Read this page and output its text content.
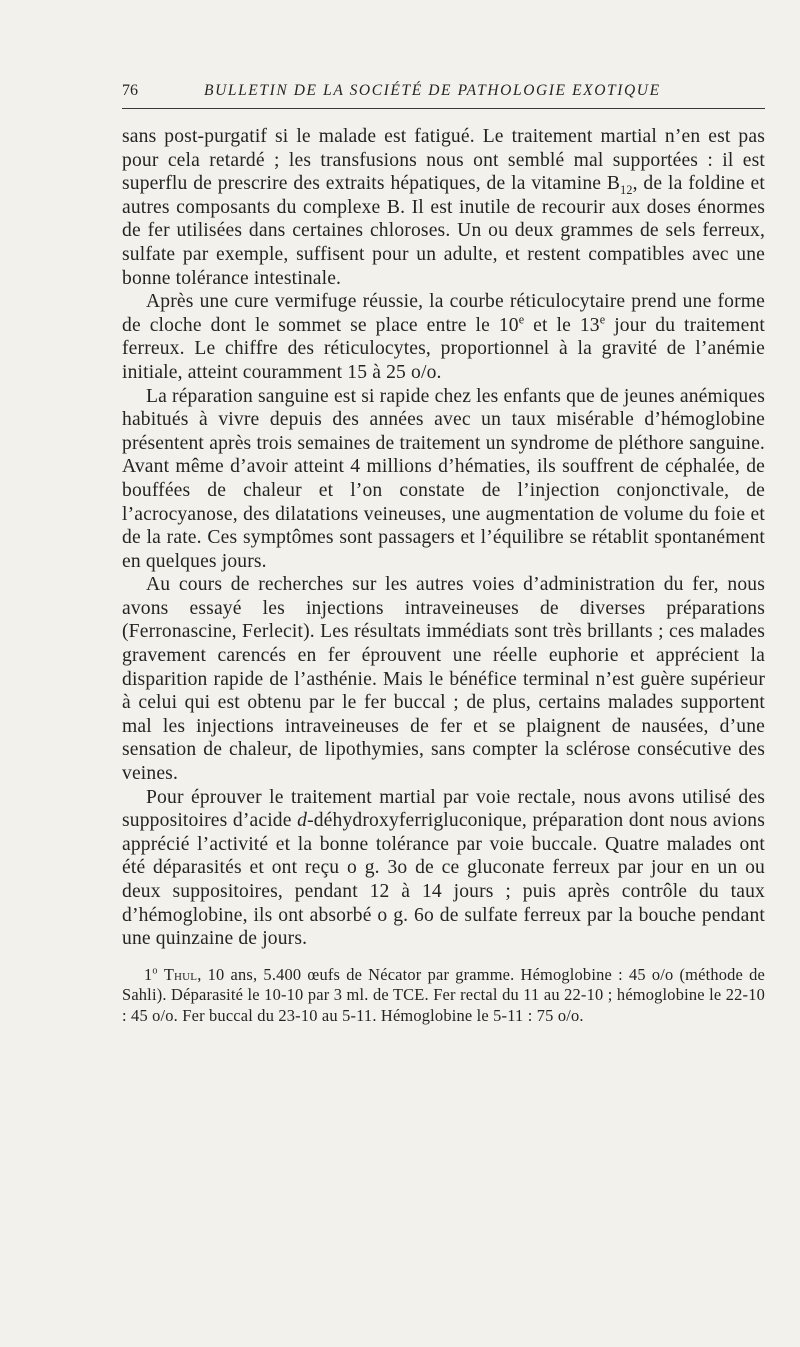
76	BULLETIN DE LA SOCIÉTÉ DE PATHOLOGIE EXOTIQUE

sans post-purgatif si le malade est fatigué. Le traitement martial n’en est pas pour cela retardé ; les transfusions nous ont semblé mal supportées : il est superflu de prescrire des extraits hépatiques, de la vitamine $B_{12}$, de la foldine et autres composants du complexe B. Il est inutile de recourir aux doses énormes de fer utilisées dans certaines chloroses. Un ou deux grammes de sels ferreux, sulfate par exemple, suffisent pour un adulte, et restent compatibles avec une bonne tolérance intestinale.

Après une cure vermifuge réussie, la courbe réticulocytaire prend une forme de cloche dont le sommet se place entre le 10e et le 13e jour du traitement ferreux. Le chiffre des réticulocytes, proportionnel à la gravité de l’anémie initiale, atteint couramment 15 à 25 o/o.

La réparation sanguine est si rapide chez les enfants que de jeunes anémiques habitués à vivre depuis des années avec un taux misérable d’hémoglobine présentent après trois semaines de traitement un syndrome de pléthore sanguine. Avant même d’avoir atteint 4 millions d’hématies, ils souffrent de céphalée, de bouffées de chaleur et l’on constate de l’injection conjonctivale, de l’acrocyanose, des dilatations veineuses, une augmentation de volume du foie et de la rate. Ces symptômes sont passagers et l’équilibre se rétablit spontanément en quelques jours.

Au cours de recherches sur les autres voies d’administration du fer, nous avons essayé les injections intraveineuses de diverses préparations (Ferronascine, Ferlecit). Les résultats immédiats sont très brillants ; ces malades gravement carencés en fer éprouvent une réelle euphorie et apprécient la disparition rapide de l’asthénie. Mais le bénéfice terminal n’est guère supérieur à celui qui est obtenu par le fer buccal ; de plus, certains malades supportent mal les injections intraveineuses de fer et se plaignent de nausées, d’une sensation de chaleur, de lipothymies, sans compter la sclérose consécutive des veines.

Pour éprouver le traitement martial par voie rectale, nous avons utilisé des suppositoires d’acide d-déhydroxyferrigluconique, préparation dont nous avions apprécié l’activité et la bonne tolérance par voie buccale. Quatre malades ont été déparasités et ont reçu o g. 3o de ce gluconate ferreux par jour en un ou deux suppositoires, pendant 12 à 14 jours ; puis après contrôle du taux d’hémoglobine, ils ont absorbé o g. 6o de sulfate ferreux par la bouche pendant une quinzaine de jours.

1$^o$ Thul, 10 ans, 5.400 œufs de Nécator par gramme. Hémoglobine : 45 o/o (méthode de Sahli). Déparasité le 10-10 par 3 ml. de TCE. Fer rectal du 11 au 22-10 ; hémoglobine le 22-10 : 45 o/o. Fer buccal du 23-10 au 5-11. Hémoglobine le 5-11 : 75 o/o.
